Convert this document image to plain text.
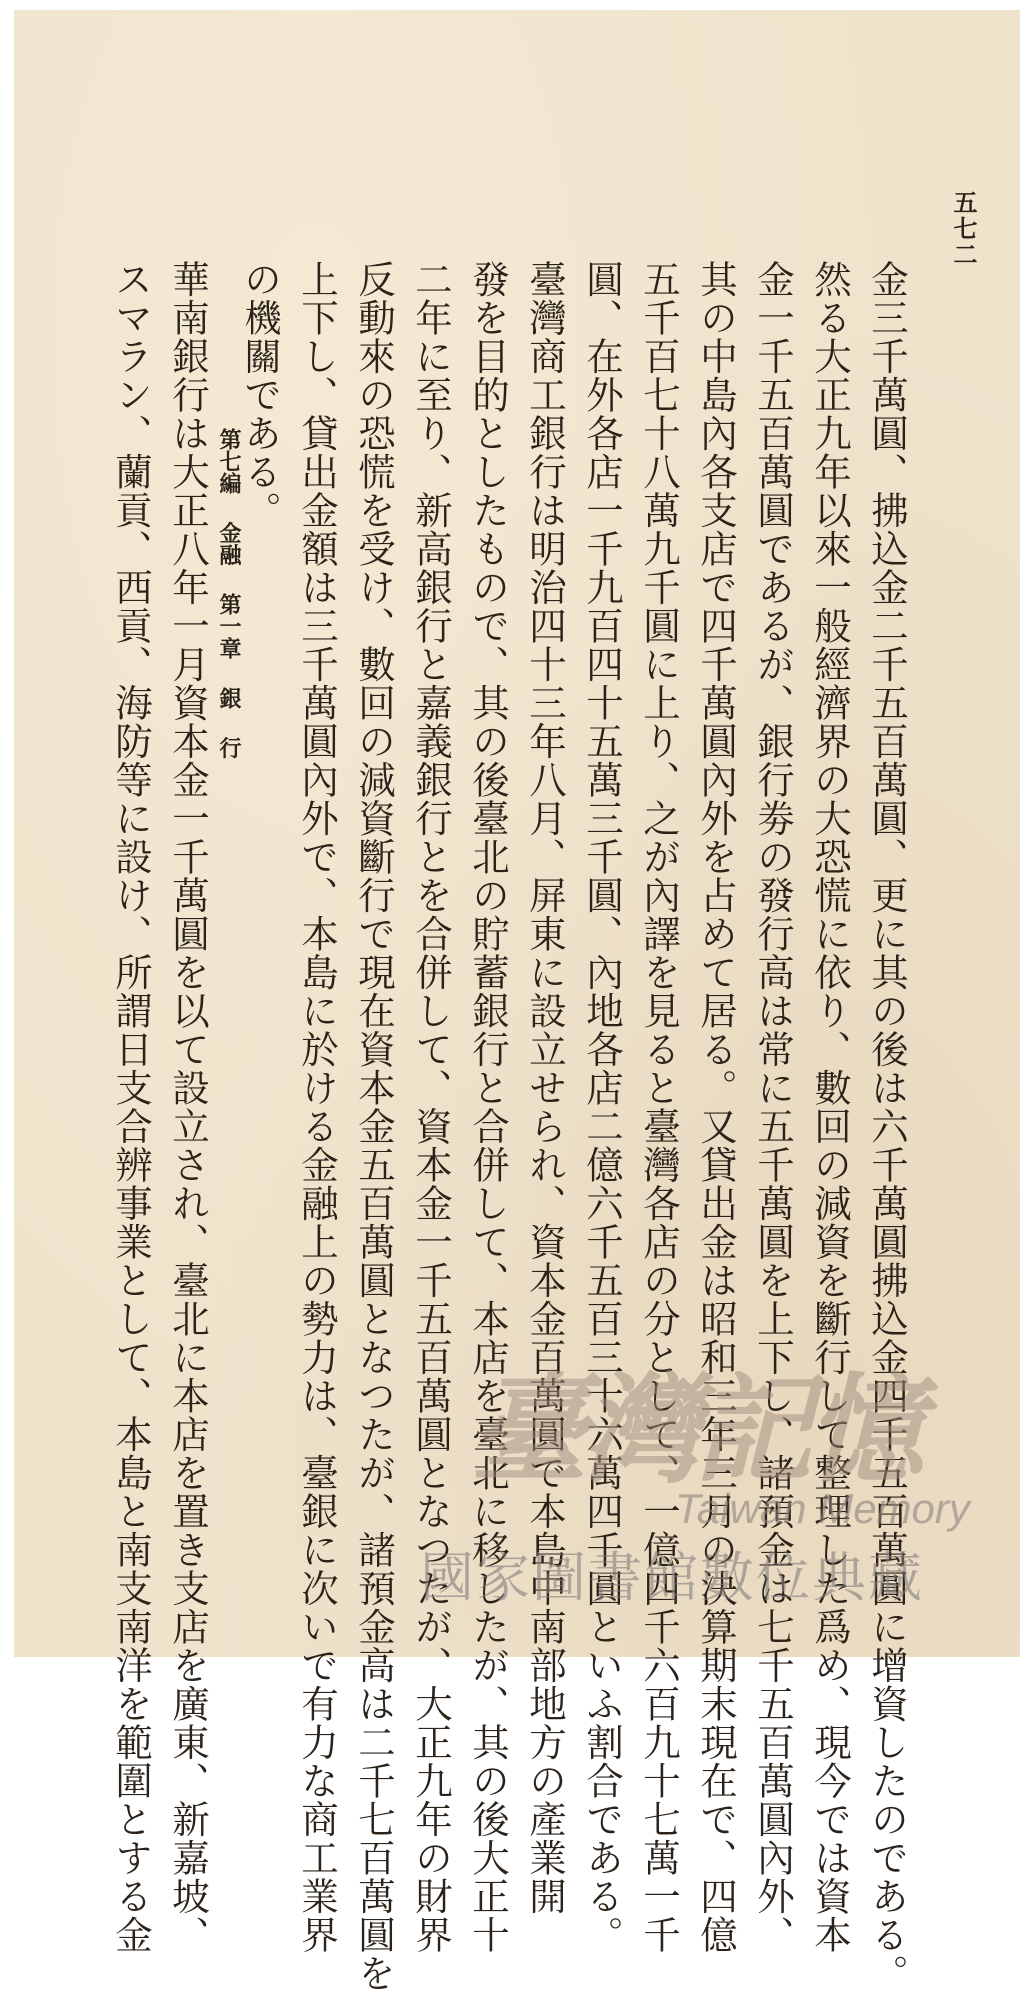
五七二
第七編 金融 第一章 銀 行	金三千萬圓、拂込金二千五百萬圓、更に其の後は六千萬圓拂込金四千五百萬圓に增資したのである。
然る大正九年以來一般經濟界の大恐慌に依り、數回の減資を斷行して整理した爲め、現今では資本
金一千五百萬圓であるが、銀行劵の發行高は常に五千萬圓を上下し、諸預金は七千五百萬圓內外、
其の中島內各支店で四千萬圓內外を占めて居る。又貸出金は昭和三年三月の決算期末現在で、四億
五千百七十八萬九千圓に上り、之が內譯を見ると臺灣各店の分として、一億四千六百九十七萬一千
圓、在外各店一千九百四十五萬三千圓、內地各店二億六千五百三十六萬四千圓といふ割合である。
臺灣商工銀行は明治四十三年八月、屏東に設立せられ、資本金百萬圓で本島中南部地方の產業開
發を目的としたもので、其の後臺北の貯蓄銀行と合併して、本店を臺北に移したが、其の後大正十
二年に至り、新高銀行と嘉義銀行とを合併して、資本金一千五百萬圓となつたが、大正九年の財界
反動來の恐慌を受け、數回の減資斷行で現在資本金五百萬圓となつたが、諸預金高は二千七百萬圓を
上下し、貸出金額は三千萬圓內外で、本島に於ける金融上の勢力は、臺銀に次いで有力な商工業界
の機關である。
華南銀行は大正八年一月資本金一千萬圓を以て設立され、臺北に本店を置き支店を廣東、新嘉坡、
スマラン、蘭貢、西貢、海防等に設け、所謂日支合辨事業として、本島と南支南洋を範圍とする金	臺灣記憶
Taiwan Memory
國家圖書館數位典藏
